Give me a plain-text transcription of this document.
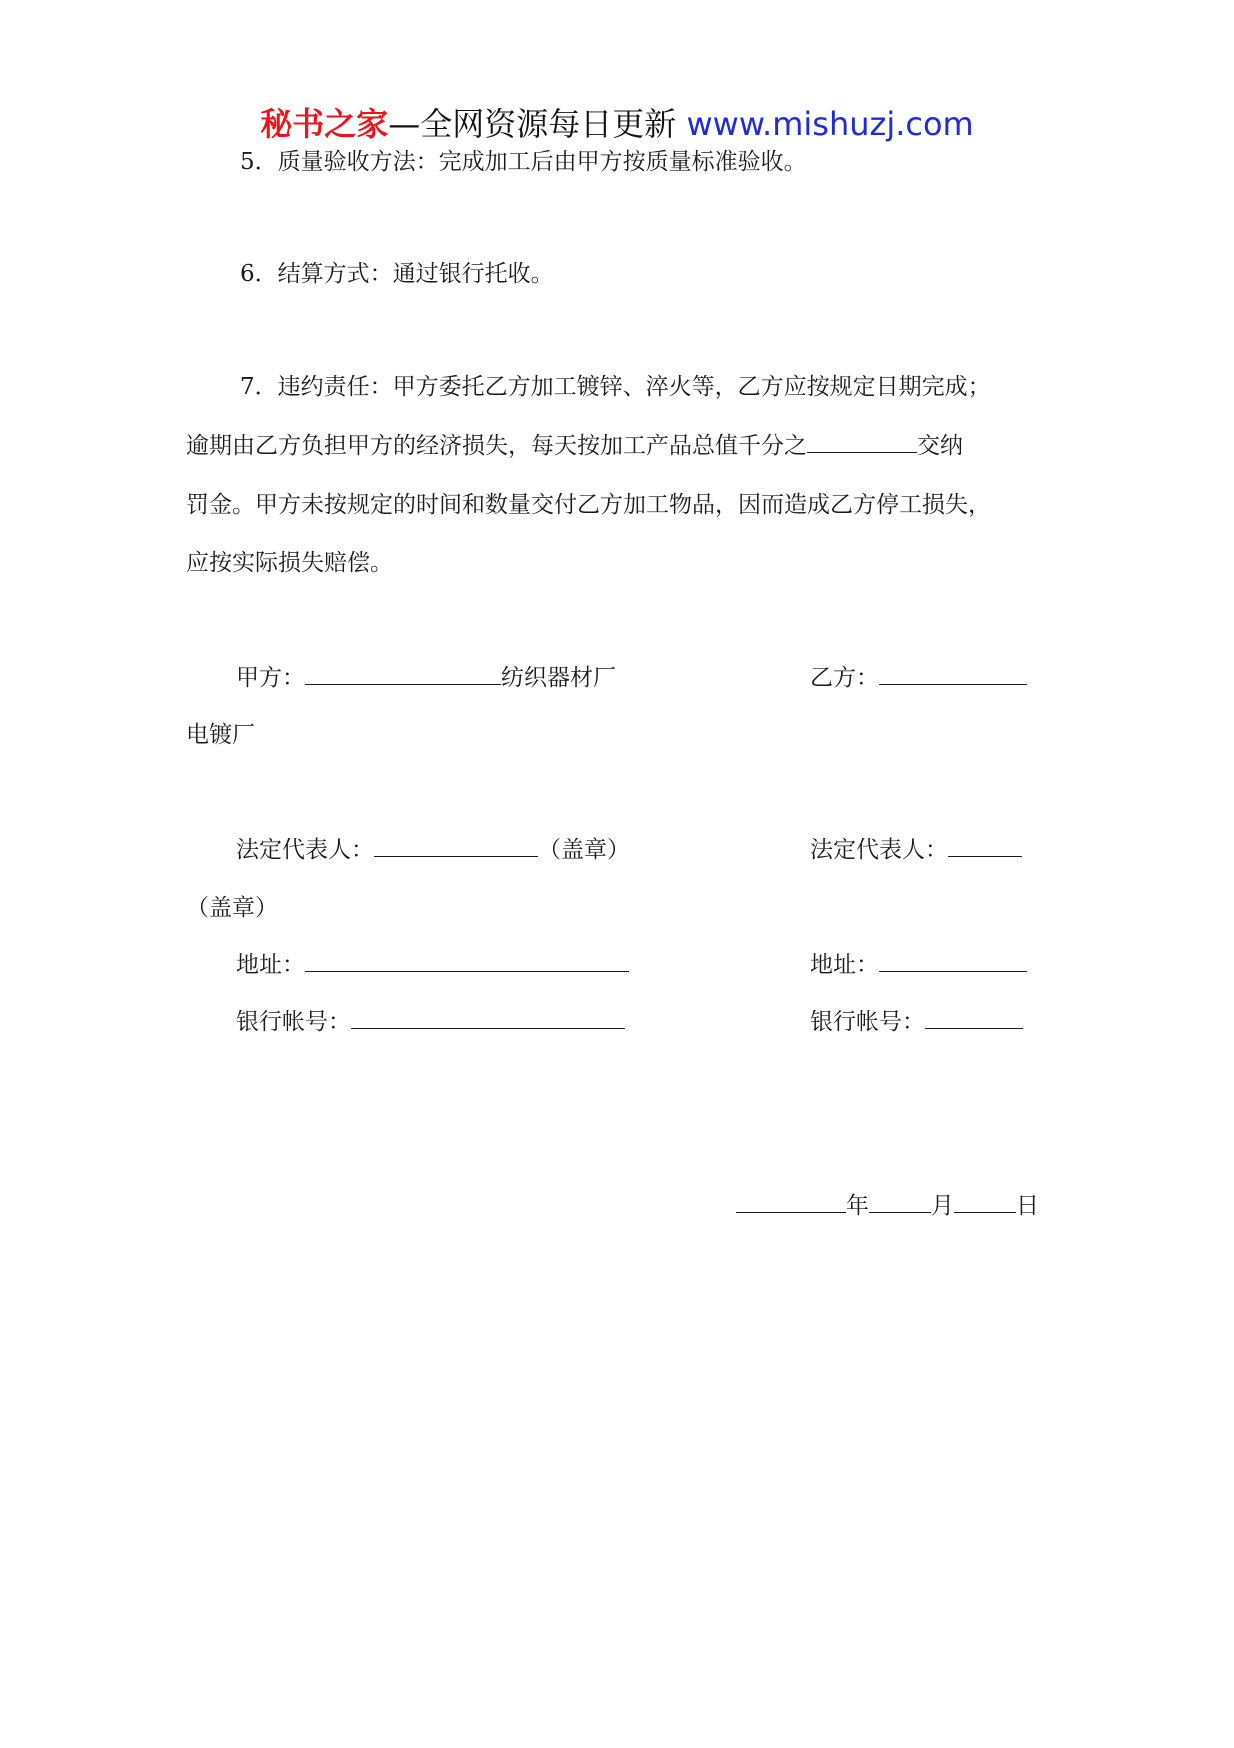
秘书之家—全网资源每日更新 www.mishuzj.com
5．质量验收方法：完成加工后由甲方按质量标准验收。
6．结算方式：通过银行托收。
7．违约责任：甲方委托乙方加工镀锌、淬火等，乙方应按规定日期完成；
逾期由乙方负担甲方的经济损失，每天按加工产品总值千分之	交纳
罚金。甲方未按规定的时间和数量交付乙方加工物品，因而造成乙方停工损失，
应按实际损失赔偿。
甲方：	纺织器材厂	乙方：
电镀厂
法定代表人：	（盖章）	法定代表人：
（盖章）
地址：	地址：
银行帐号：	银行帐号：
年	月	日
